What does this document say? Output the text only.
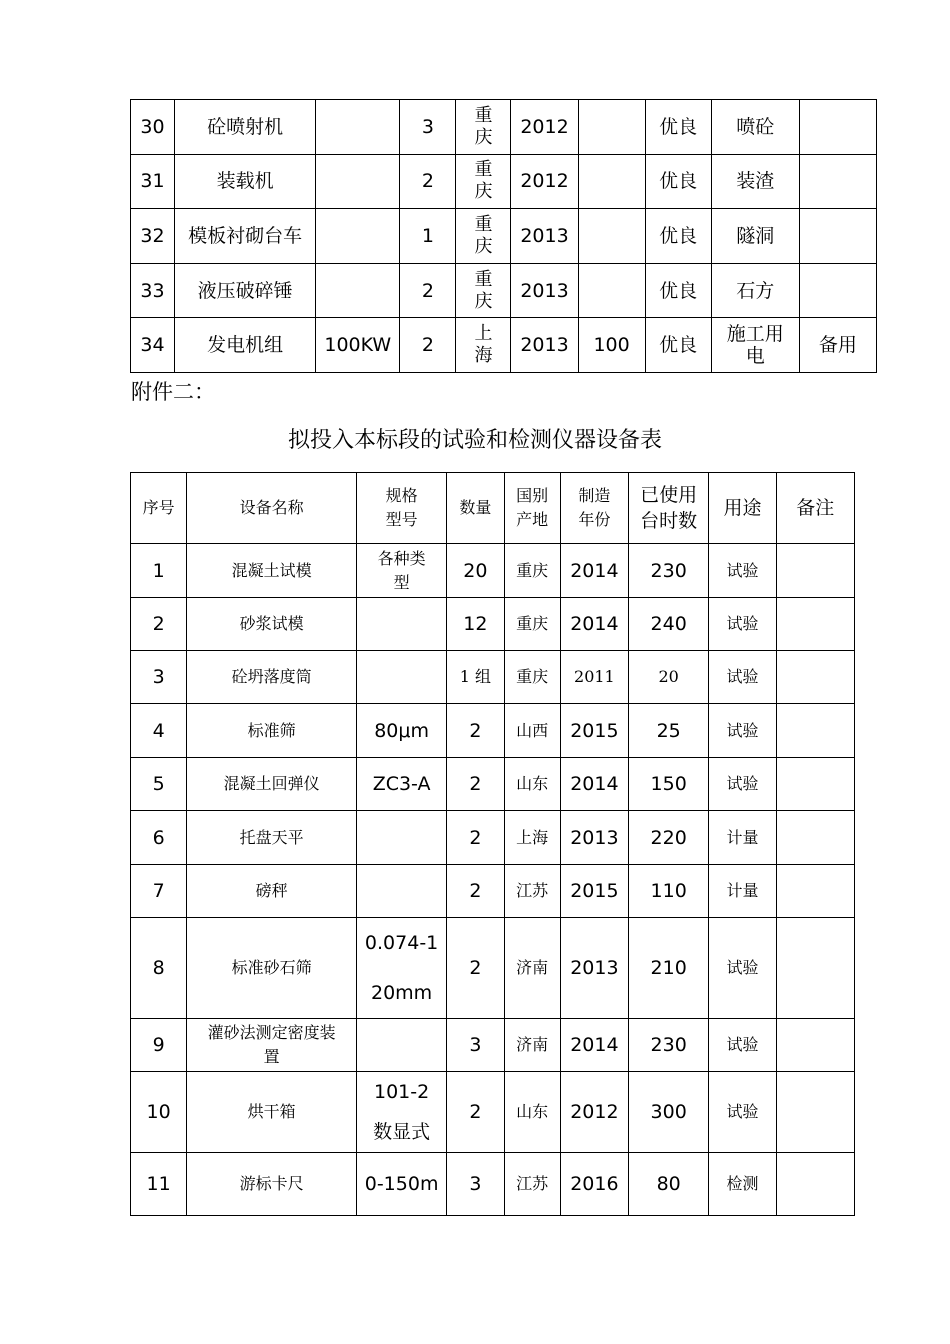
30	砼喷射机		3	重庆	2012		优良	喷砼	
31	装载机		2	重庆	2012		优良	装渣	
32	模板衬砌台车		1	重庆	2013		优良	隧洞	
33	液压破碎锤		2	重庆	2013		优良	石方	
34	发电机组	100KW	2	上海	2013	100	优良	施工用电	备用
附件二：
拟投入本标段的试验和检测仪器设备表
序号	设备名称	规格型号	数量	国别产地	制造年份	已使用台时数	用途	备注
1	混凝土试模	各种类型	20	重庆	2014	230	试验	
2	砂浆试模		12	重庆	2014	240	试验	
3	砼坍落度筒		1 组	重庆	2011	20	试验	
4	标准筛	80μm	2	山西	2015	25	试验	
5	混凝土回弹仪	ZC3-A	2	山东	2014	150	试验	
6	托盘天平		2	上海	2013	220	计量	
7	磅秤		2	江苏	2015	110	计量	
8	标准砂石筛	0.074-120mm	2	济南	2013	210	试验	
9	灌砂法测定密度装置		3	济南	2014	230	试验	
10	烘干箱	101-2数显式	2	山东	2012	300	试验	
11	游标卡尺	0-150m	3	江苏	2016	80	检测	
